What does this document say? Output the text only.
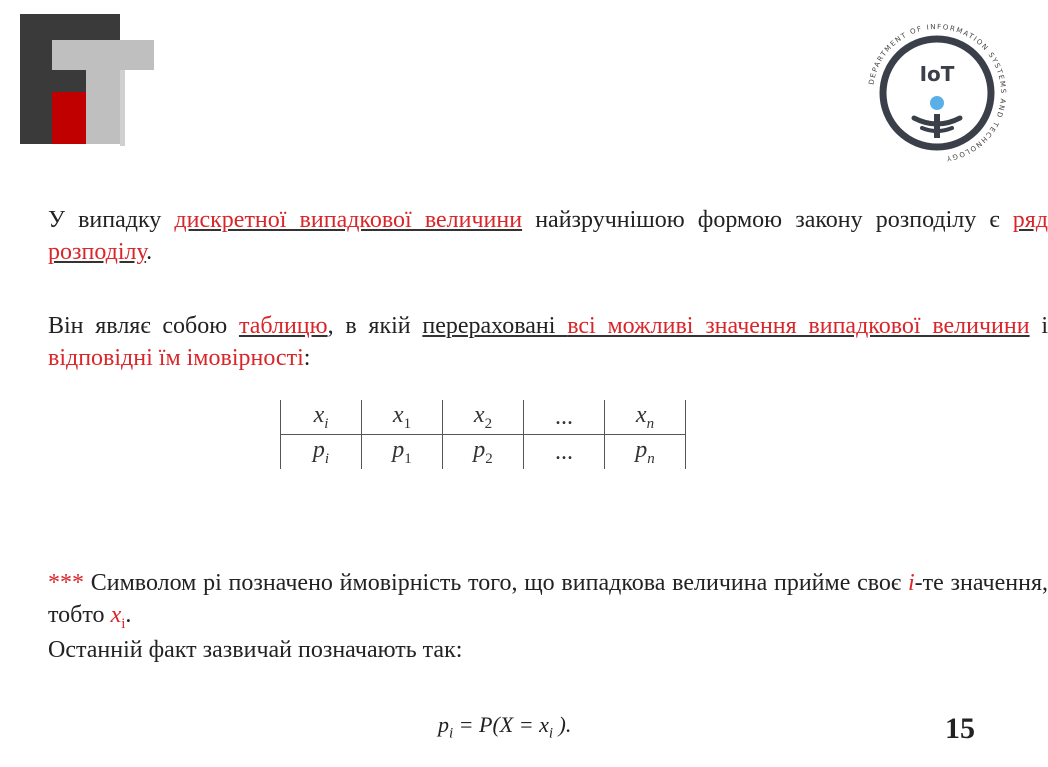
DEPARTMENT OF INFORMATION SYSTEMS AND TECHNOLOGY
IoT
У випадку дискретної випадкової величини найзручнішою формою закону розподілу є ряд розподілу.
Він являє собою таблицю, в якій перераховані всі можливі значення випадкової величини і відповідні їм імовірності:
$x_i$	$x_1$	$x_2$	...	$x_n$
$p_i$	$p_1$	$p_2$	...	$p_n$
*** Символом pі позначено ймовірність того, що випадкова величина прийме своє i-те значення, тобто $x_i$.
Останній факт зазвичай позначають так:
$p_i = P(X = x_i$ ).	15
